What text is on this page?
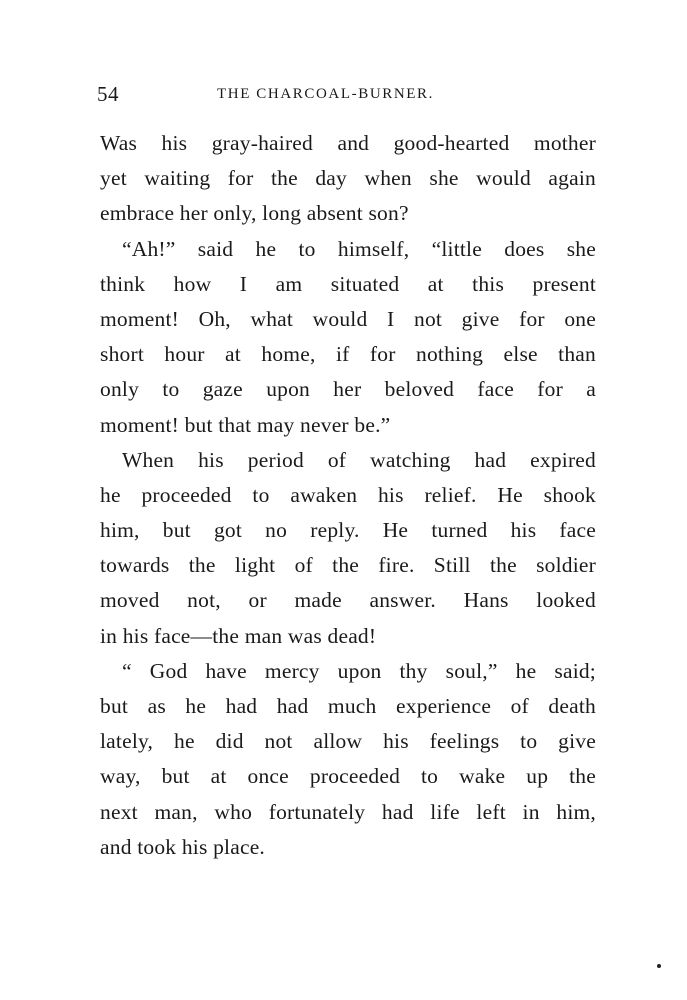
54	THE CHARCOAL-BURNER.
Was his gray-haired and good-hearted mother
yet waiting for the day when she would again
embrace her only, long absent son?
“Ah!” said he to himself, “little does she
think how I am situated at this present
moment! Oh, what would I not give for one
short hour at home, if for nothing else than
only to gaze upon her beloved face for a
moment! but that may never be.”
When his period of watching had expired
he proceeded to awaken his relief. He shook
him, but got no reply. He turned his face
towards the light of the fire. Still the soldier
moved not, or made answer. Hans looked
in his face—the man was dead!
“ God have mercy upon thy soul,” he said;
but as he had had much experience of death
lately, he did not allow his feelings to give
way, but at once proceeded to wake up the
next man, who fortunately had life left in him,
and took his place.
